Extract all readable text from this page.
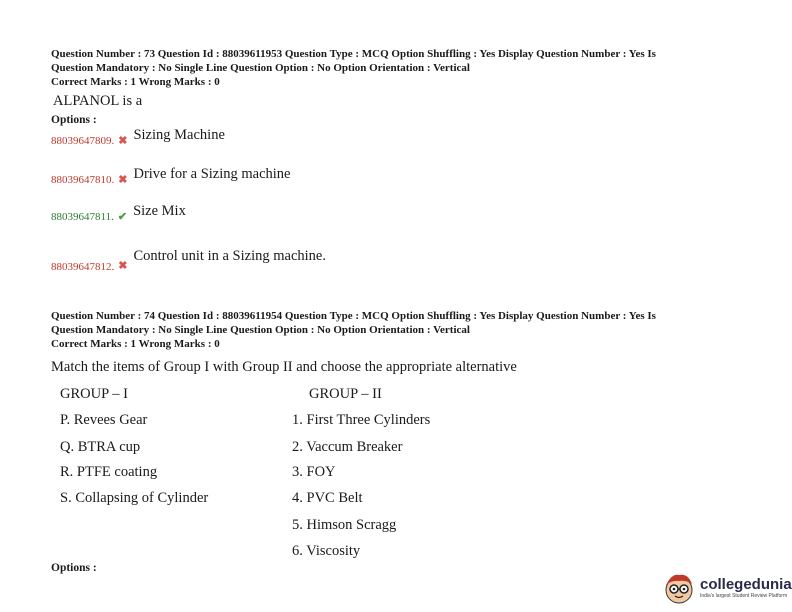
Question Number : 73 Question Id : 88039611953 Question Type : MCQ Option Shuffling : Yes Display Question Number : Yes Is
Question Mandatory : No Single Line Question Option : No Option Orientation : Vertical
Correct Marks : 1 Wrong Marks : 0
ALPANOL is a
Options :
88039647809. ✖ Sizing Machine
88039647810. ✖ Drive for a Sizing machine
88039647811. ✔ Size Mix
88039647812. ✖
Control unit in a Sizing machine.
Question Number : 74 Question Id : 88039611954 Question Type : MCQ Option Shuffling : Yes Display Question Number : Yes Is
Question Mandatory : No Single Line Question Option : No Option Orientation : Vertical
Correct Marks : 1 Wrong Marks : 0
Match the items of Group I with Group II and choose the appropriate alternative
GROUP – I	GROUP – II
P. Revees Gear
Q. BTRA cup
R. PTFE coating
S. Collapsing of Cylinder
1. First Three Cylinders
2. Vaccum Breaker
3. FOY
4. PVC Belt
5. Himson Scragg
6. Viscosity
Options :
collegedunia
India's largest Student Review Platform
